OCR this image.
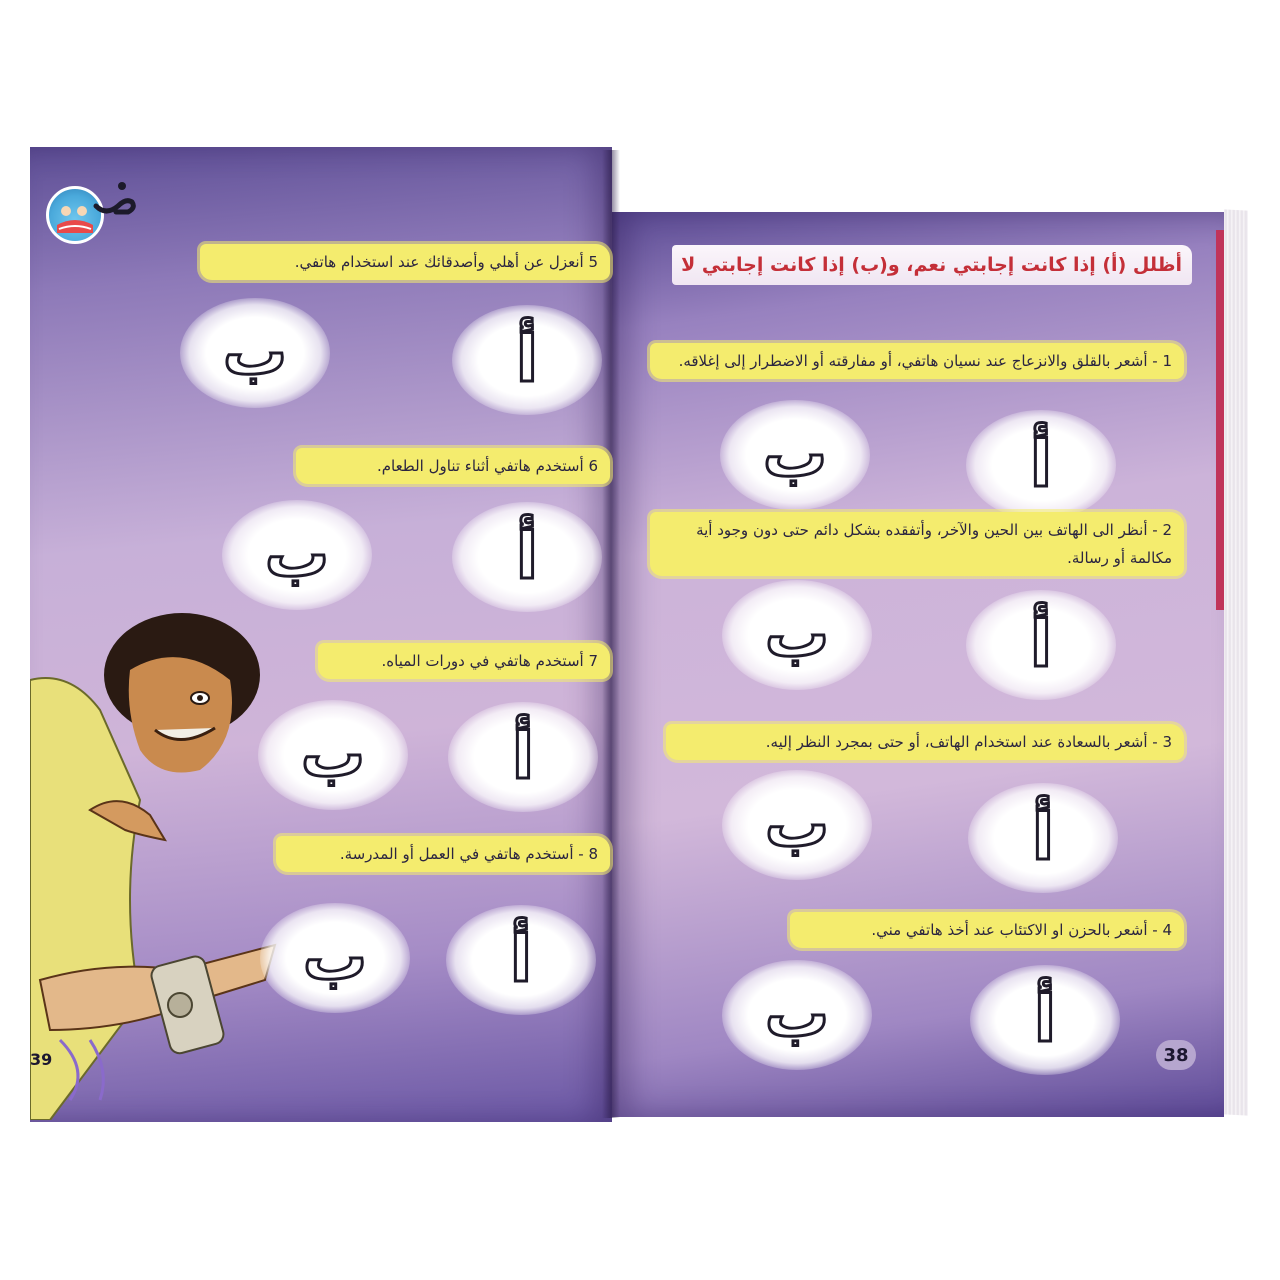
أظلل (أ) إذا كانت إجابتي نعم، و(ب) إذا كانت إجابتي لا
1 - أشعر بالقلق والانزعاج عند نسيان هاتفي، أو مفارقته أو الاضطرار إلى إغلاقه.
أ
ب
2 - أنظر الى الهاتف بين الحين والآخر، وأتفقده بشكل دائم حتى دون وجود أية مكالمة أو رسالة.
أ
ب
3 - أشعر بالسعادة عند استخدام الهاتف، أو حتى بمجرد النظر إليه.
أ
ب
4 - أشعر بالحزن او الاكتئاب عند أخذ هاتفي مني.
أ
ب
38
5 أنعزل عن أهلي وأصدقائك عند استخدام هاتفي.
أ
ب
6 أستخدم هاتفي أثناء تناول الطعام.
أ
ب
7 أستخدم هاتفي في دورات المياه.
أ
ب
8 - أستخدم هاتفي في العمل أو المدرسة.
أ
ب
39
